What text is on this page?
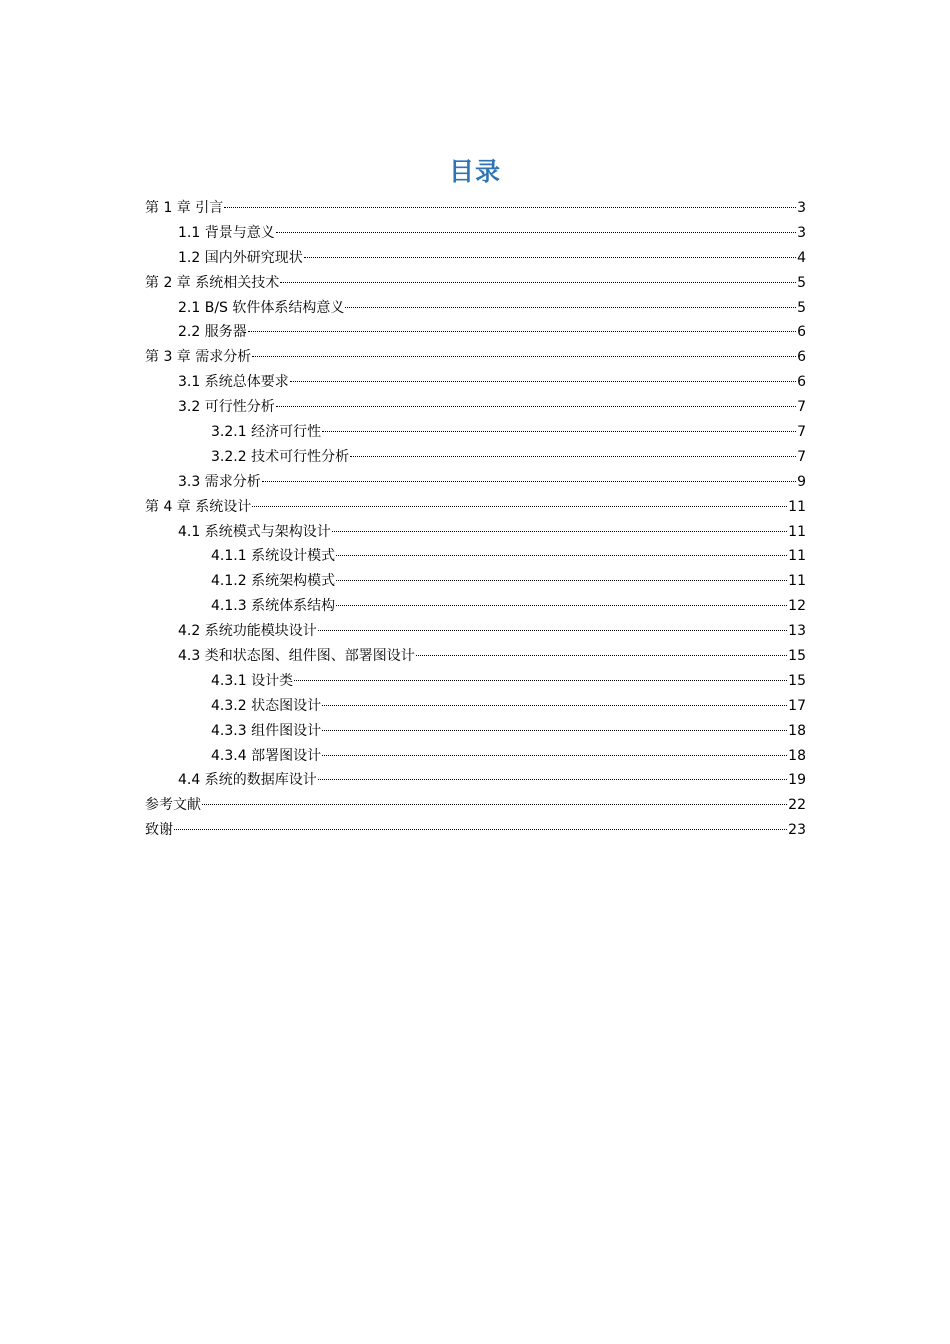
目录
第 1 章 引言	3
1.1 背景与意义	3
1.2 国内外研究现状	4
第 2 章 系统相关技术	5
2.1 B/S 软件体系结构意义	5
2.2 服务器	6
第 3 章 需求分析	6
3.1 系统总体要求	6
3.2 可行性分析	7
3.2.1 经济可行性	7
3.2.2 技术可行性分析	7
3.3 需求分析	9
第 4 章 系统设计	11
4.1 系统模式与架构设计	11
4.1.1 系统设计模式	11
4.1.2 系统架构模式	11
4.1.3 系统体系结构	12
4.2 系统功能模块设计	13
4.3 类和状态图、组件图、部署图设计	15
4.3.1 设计类	15
4.3.2 状态图设计	17
4.3.3 组件图设计	18
4.3.4 部署图设计	18
4.4 系统的数据库设计	19
参考文献	22
致谢	23
